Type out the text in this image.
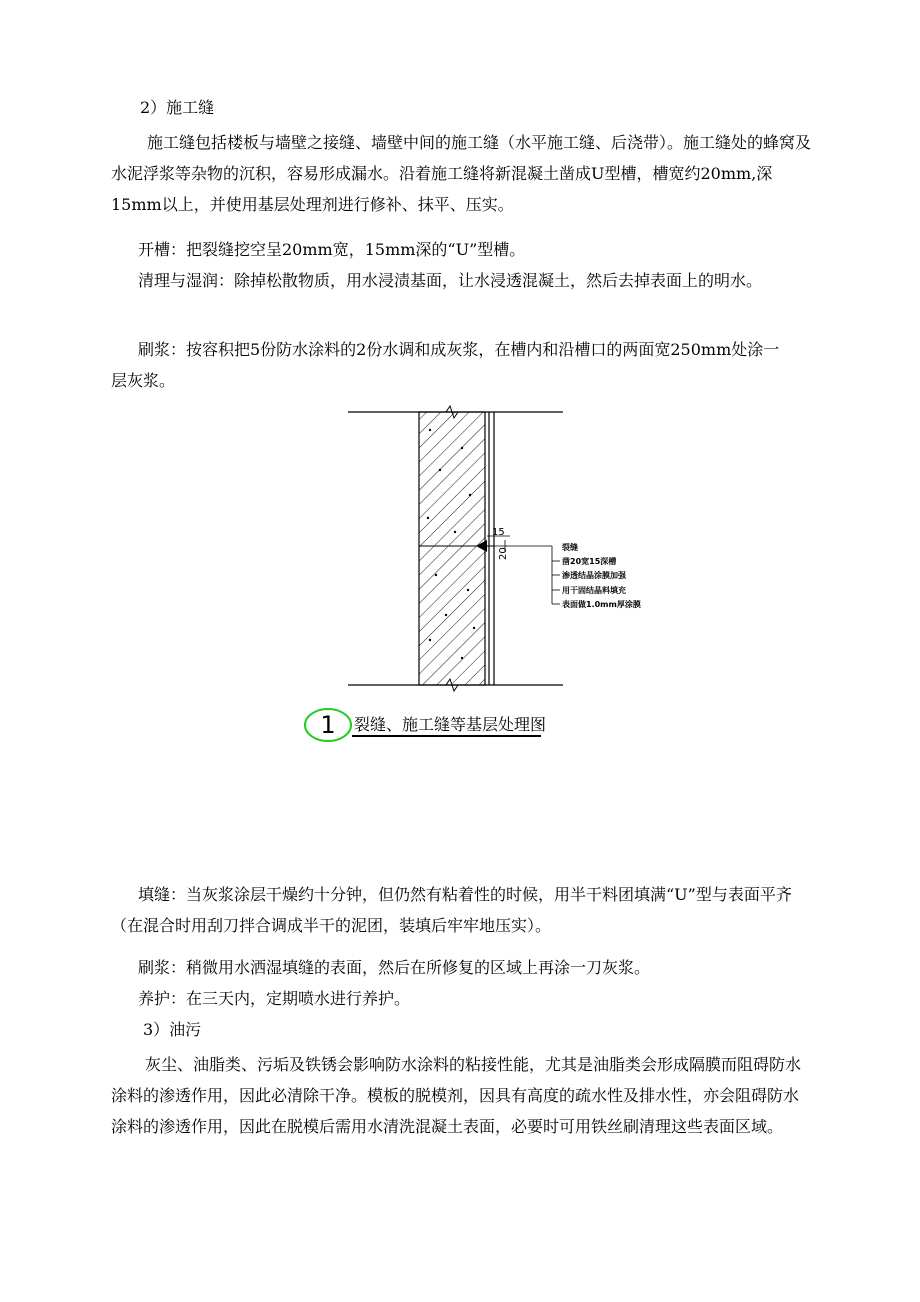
2）施工缝
施工缝包括楼板与墙壁之接缝、墙壁中间的施工缝（水平施工缝、后浇带）。施工缝处的蜂窝及水泥浮浆等杂物的沉积，容易形成漏水。沿着施工缝将新混凝土凿成U型槽，槽宽约20mm,深15mm以上，并使用基层处理剂进行修补、抹平、压实。
开槽：把裂缝挖空呈20mm宽，15mm深的“U”型槽。
清理与湿润：除掉松散物质，用水浸渍基面，让水浸透混凝土，然后去掉表面上的明水。
刷浆：按容积把5份防水涂料的2份水调和成灰浆，在槽内和沿槽口的两面宽250mm处涂一层灰浆。
15
20	裂缝
凿20宽15深槽
渗透结晶涂膜加强
用干固结晶料填充
表面做1.0mm厚涂膜
1 裂缝、施工缝等基层处理图
填缝：当灰浆涂层干燥约十分钟，但仍然有粘着性的时候，用半干料团填满“U”型与表面平齐（在混合时用刮刀拌合调成半干的泥团，装填后牢牢地压实）。
刷浆：稍微用水洒湿填缝的表面，然后在所修复的区域上再涂一刀灰浆。
养护：在三天内，定期喷水进行养护。
3）油污
灰尘、油脂类、污垢及铁锈会影响防水涂料的粘接性能，尤其是油脂类会形成隔膜而阻碍防水涂料的渗透作用，因此必清除干净。模板的脱模剂，因具有高度的疏水性及排水性，亦会阻碍防水涂料的渗透作用，因此在脱模后需用水清洗混凝土表面，必要时可用铁丝刷清理这些表面区域。
